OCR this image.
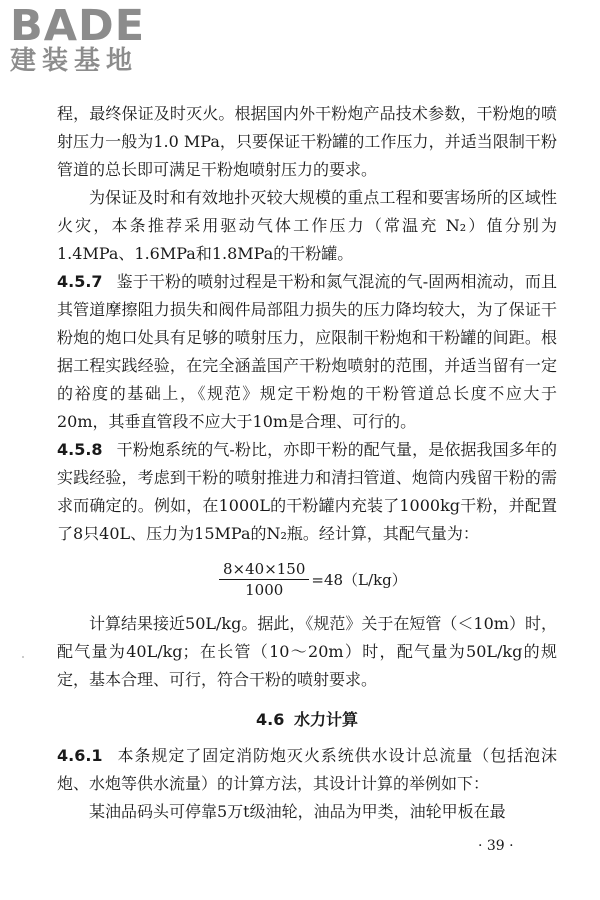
BADE
建装基地

程，最终保证及时灭火。根据国内外干粉炮产品技术参数，干粉炮的喷射压力一般为1.0 MPa，只要保证干粉罐的工作压力，并适当限制干粉管道的总长即可满足干粉炮喷射压力的要求。

为保证及时和有效地扑灭较大规模的重点工程和要害场所的区域性火灾，本条推荐采用驱动气体工作压力（常温充 N₂）值分别为1.4MPa、1.6MPa和1.8MPa的干粉罐。

4.5.7 鉴于干粉的喷射过程是干粉和氮气混流的气-固两相流动，而且其管道摩擦阻力损失和阀件局部阻力损失的压力降均较大，为了保证干粉炮的炮口处具有足够的喷射压力，应限制干粉炮和干粉罐的间距。根据工程实践经验，在完全涵盖国产干粉炮喷射的范围，并适当留有一定的裕度的基础上，《规范》规定干粉炮的干粉管道总长度不应大于20m，其垂直管段不应大于10m是合理、可行的。

4.5.8 干粉炮系统的气-粉比，亦即干粉的配气量，是依据我国多年的实践经验，考虑到干粉的喷射推进力和清扫管道、炮筒内残留干粉的需求而确定的。例如，在1000L的干粉罐内充装了1000kg干粉，并配置了8只40L、压力为15MPa的N₂瓶。经计算，其配气量为：

$\frac{8\times 40\times 150}{1000} =48(L/kg)$

计算结果接近50L/kg。据此，《规范》关于在短管（＜10m）时，配气量为40L/kg；在长管（10～20m）时，配气量为50L/kg的规定，基本合理、可行，符合干粉的喷射要求。

4.6 水力计算

4.6.1 本条规定了固定消防炮灭火系统供水设计总流量（包括泡沫炮、水炮等供水流量）的计算方法，其设计计算的举例如下：

某油品码头可停靠5万t级油轮，油品为甲类，油轮甲板在最

· 39 ·
